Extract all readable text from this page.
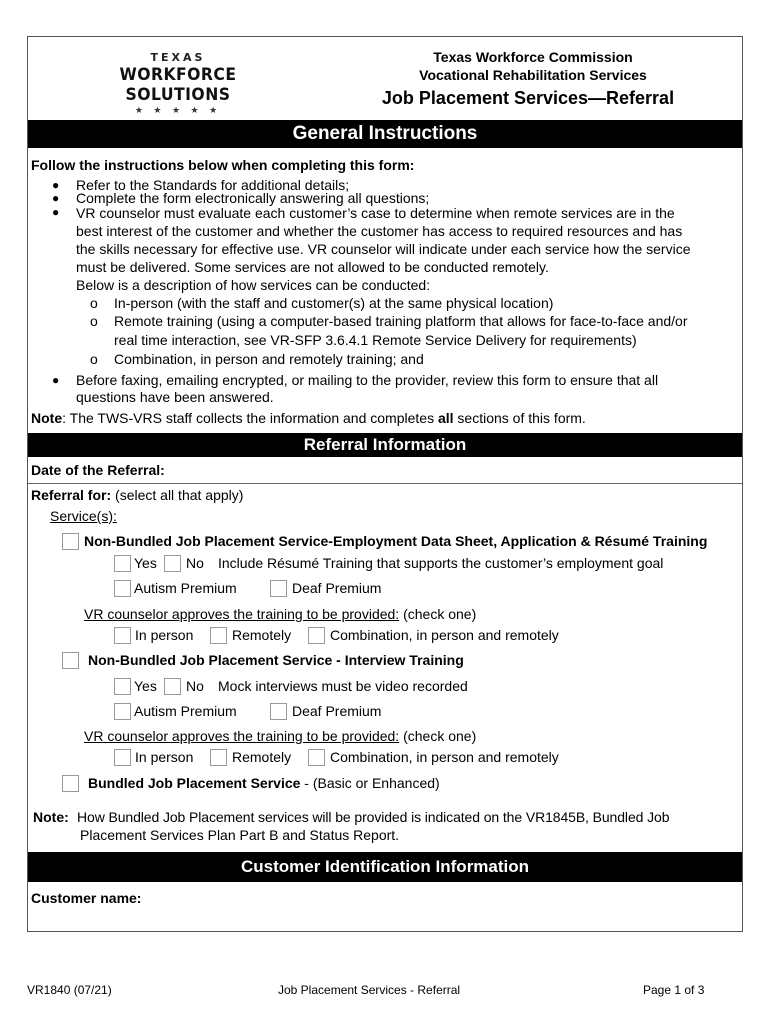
TEXAS
WORKFORCE SOLUTIONS
★ ★ ★ ★ ★
Texas Workforce Commission
Vocational Rehabilitation Services
Job Placement Services—Referral
General Instructions
Follow the instructions below when completing this form:
● Refer to the Standards for additional details;
● Complete the form electronically answering all questions;
● VR counselor must evaluate each customer’s case to determine when remote services are in the
best interest of the customer and whether the customer has access to required resources and has
the skills necessary for effective use. VR counselor will indicate under each service how the service
must be delivered. Some services are not allowed to be conducted remotely.
Below is a description of how services can be conducted:
o In-person (with the staff and customer(s) at the same physical location)
o Remote training (using a computer-based training platform that allows for face-to-face and/or
real time interaction, see VR-SFP 3.6.4.1 Remote Service Delivery for requirements)
o Combination, in person and remotely training; and
● Before faxing, emailing encrypted, or mailing to the provider, review this form to ensure that all
questions have been answered.
Note: The TWS-VRS staff collects the information and completes all sections of this form.
Referral Information
Date of the Referral:
Referral for: (select all that apply)
Service(s):
Non-Bundled Job Placement Service-Employment Data Sheet, Application & Résumé Training
Yes No Include Résumé Training that supports the customer’s employment goal
Autism Premium	Deaf Premium
VR counselor approves the training to be provided: (check one)
In person	Remotely	Combination, in person and remotely
Non-Bundled Job Placement Service - Interview Training
Yes No Mock interviews must be video recorded
Autism Premium	Deaf Premium
VR counselor approves the training to be provided: (check one)
In person	Remotely	Combination, in person and remotely
Bundled Job Placement Service - (Basic or Enhanced)
Note: How Bundled Job Placement services will be provided is indicated on the VR1845B, Bundled Job
Placement Services Plan Part B and Status Report.
Customer Identification Information
Customer name:
VR1840 (07/21)	Job Placement Services - Referral	Page 1 of 3
